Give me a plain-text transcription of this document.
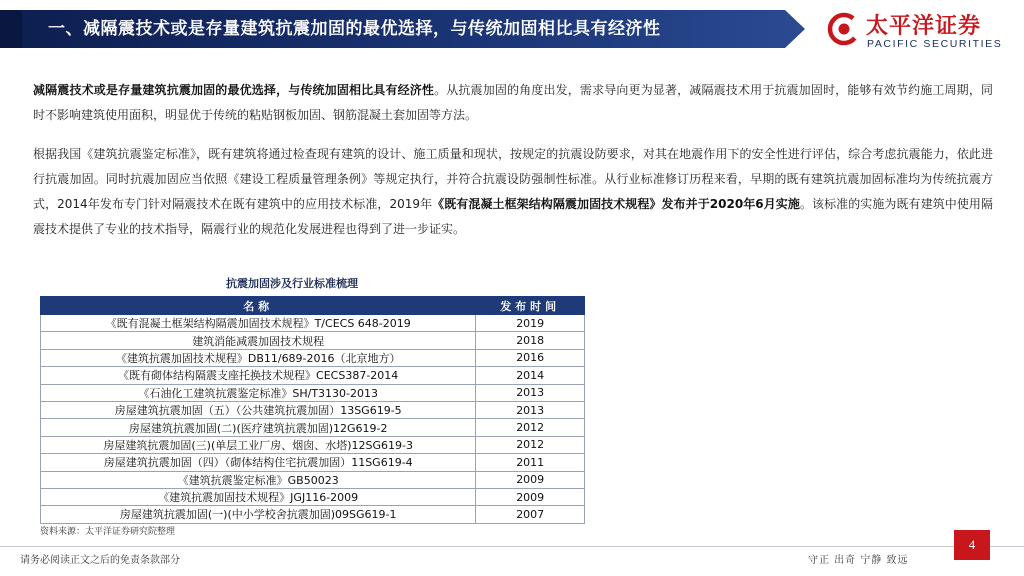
一、减隔震技术或是存量建筑抗震加固的最优选择，与传统加固相比具有经济性	太平洋证券
PACIFIC SECURITIES
减隔震技术或是存量建筑抗震加固的最优选择，与传统加固相比具有经济性。从抗震加固的角度出发，需求导向更为显著，减隔震技术用于抗震加固时，能够有效节约施工周期，同时不影响建筑使用面积，明显优于传统的粘贴钢板加固、钢筋混凝土套加固等方法。
根据我国《建筑抗震鉴定标准》，既有建筑将通过检查现有建筑的设计、施工质量和现状，按规定的抗震设防要求，对其在地震作用下的安全性进行评估，综合考虑抗震能力，依此进行抗震加固。同时抗震加固应当依照《建设工程质量管理条例》等规定执行，并符合抗震设防强制性标准。从行业标准修订历程来看，早期的既有建筑抗震加固标准均为传统抗震方式，2014年发布专门针对隔震技术在既有建筑中的应用技术标准，2019年《既有混凝土框架结构隔震加固技术规程》发布并于2020年6月实施。该标准的实施为既有建筑中使用隔震技术提供了专业的技术指导，隔震行业的规范化发展进程也得到了进一步证实。
抗震加固涉及行业标准梳理
名称	发布时间
《既有混凝土框架结构隔震加固技术规程》T/CECS 648-2019	2019
建筑消能减震加固技术规程	2018
《建筑抗震加固技术规程》DB11/689-2016（北京地方）	2016
《既有砌体结构隔震支座托换技术规程》CECS387-2014	2014
《石油化工建筑抗震鉴定标准》SH/T3130-2013	2013
房屋建筑抗震加固（五）（公共建筑抗震加固）13SG619-5	2013
房屋建筑抗震加固(二)(医疗建筑抗震加固)12G619-2	2012
房屋建筑抗震加固(三)(单层工业厂房、烟囱、水塔)12SG619-3	2012
房屋建筑抗震加固（四）（砌体结构住宅抗震加固）11SG619-4	2011
《建筑抗震鉴定标准》GB50023	2009
《建筑抗震加固技术规程》JGJ116-2009	2009
房屋建筑抗震加固(一)(中小学校舍抗震加固)09SG619-1	2007
资料来源：太平洋证券研究院整理
请务必阅读正文之后的免责条款部分	守正 出奇 宁静 致远
4
